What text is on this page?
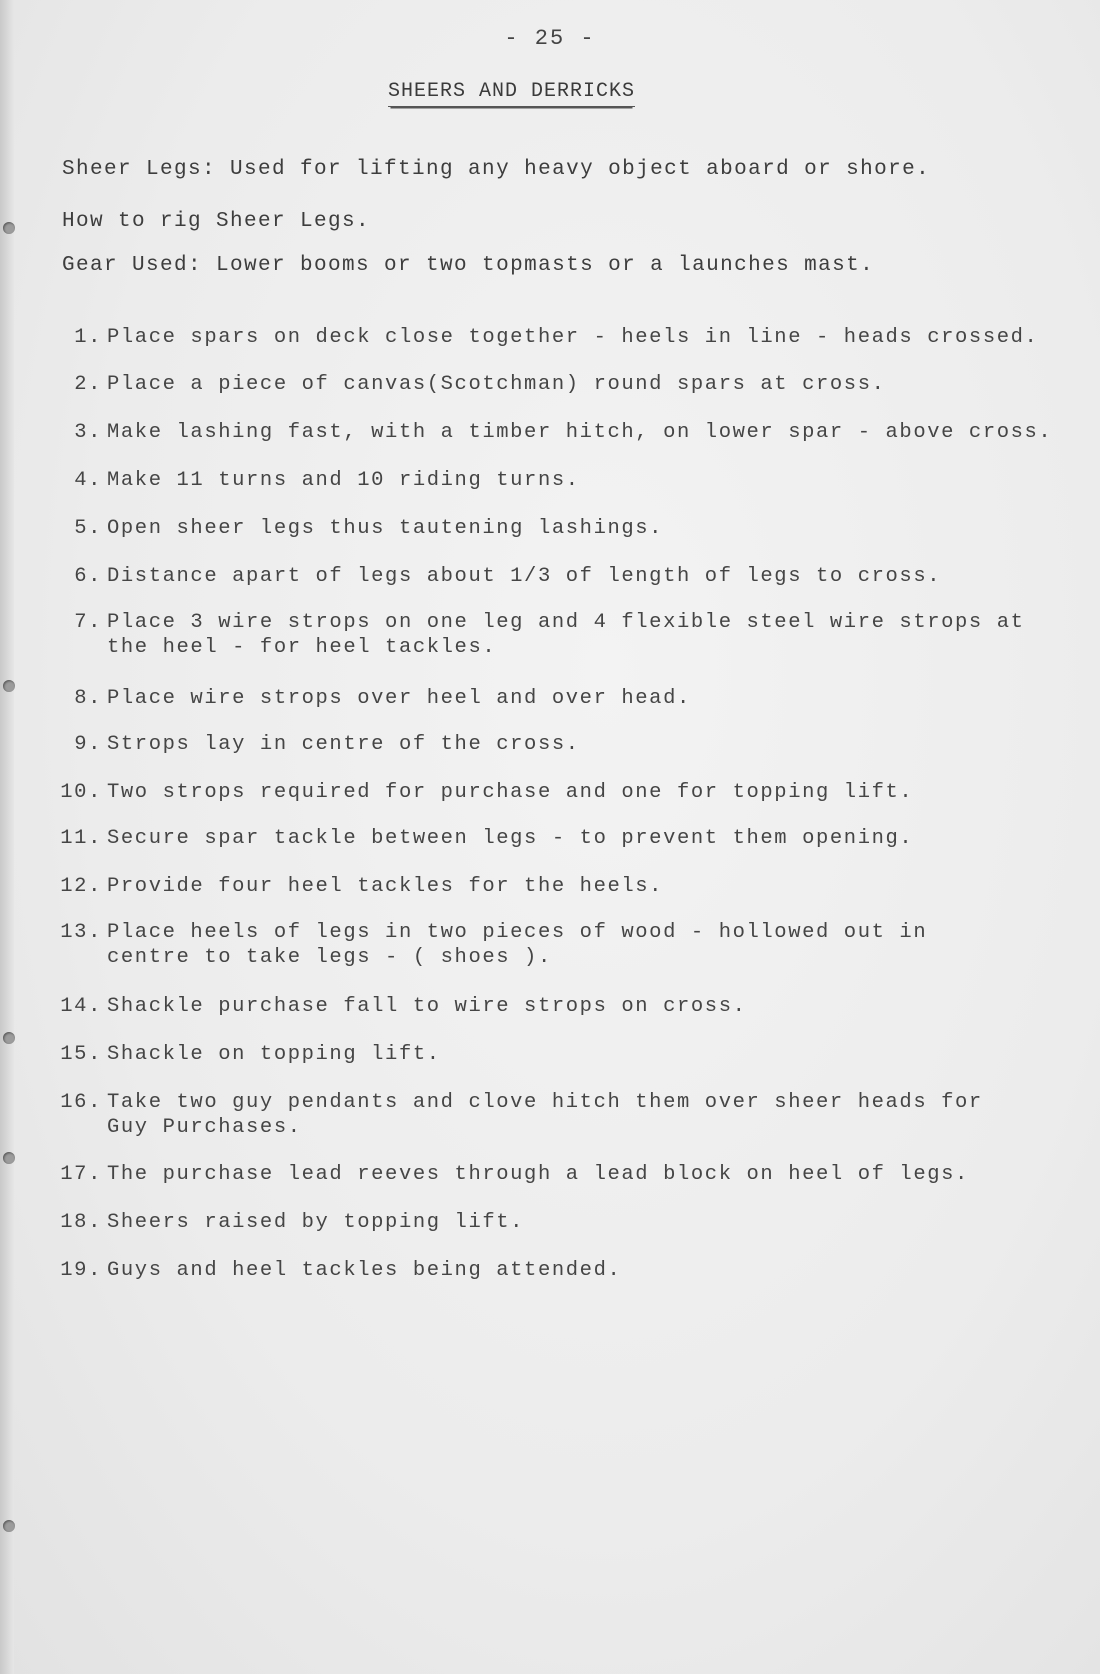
- 25 -
SHEERS AND DERRICKS
Sheer Legs: Used for lifting any heavy object aboard or shore.
How to rig Sheer Legs.
Gear Used: Lower booms or two topmasts or a launches mast.
1. Place spars on deck close together - heels in line - heads crossed.
2. Place a piece of canvas(Scotchman) round spars at cross.
3. Make lashing fast, with a timber hitch, on lower spar - above cross.
4. Make 11 turns and 10 riding turns.
5. Open sheer legs thus tautening lashings.
6. Distance apart of legs about 1/3 of length of legs to cross.
7. Place 3 wire strops on one leg and 4 flexible steel wire strops at
the heel - for heel tackles.
8. Place wire strops over heel and over head.
9. Strops lay in centre of the cross.
10. Two strops required for purchase and one for topping lift.
11. Secure spar tackle between legs - to prevent them opening.
12. Provide four heel tackles for the heels.
13. Place heels of legs in two pieces of wood - hollowed out in
centre to take legs - ( shoes ).
14. Shackle purchase fall to wire strops on cross.
15. Shackle on topping lift.
16. Take two guy pendants and clove hitch them over sheer heads for
Guy Purchases.
17. The purchase lead reeves through a lead block on heel of legs.
18. Sheers raised by topping lift.
19. Guys and heel tackles being attended.
